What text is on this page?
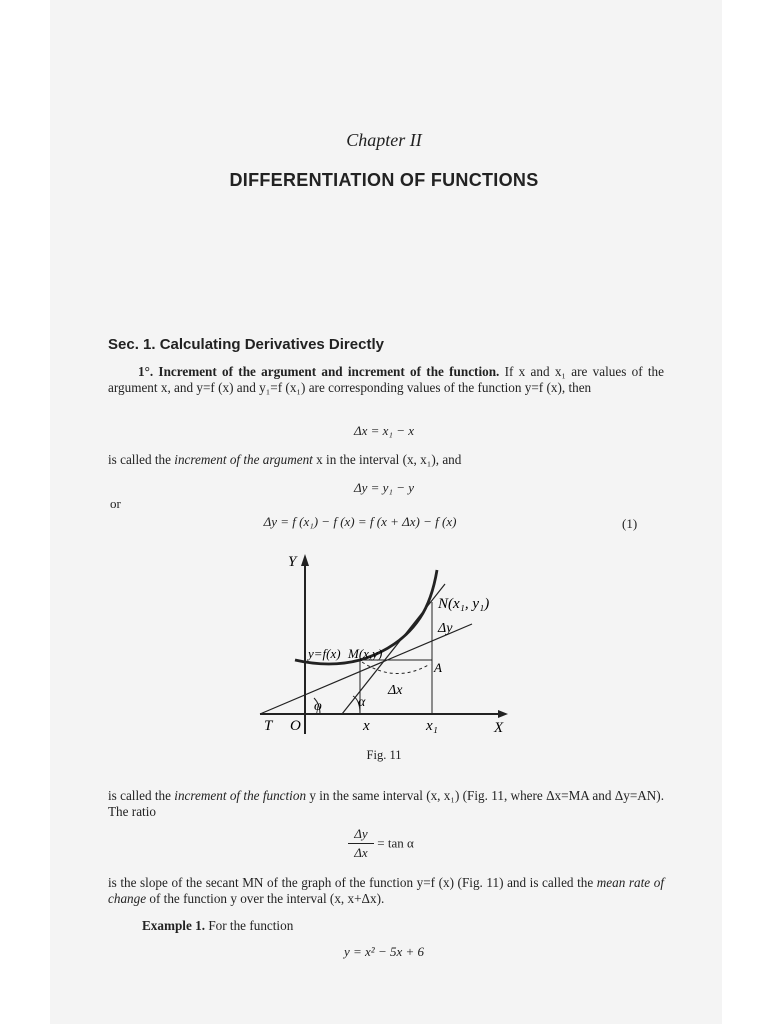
Chapter II
DIFFERENTIATION OF FUNCTIONS
Sec. 1. Calculating Derivatives Directly
1°. Increment of the argument and increment of the function. If x and x₁ are values of the argument x, and y=f (x) and y₁=f (x₁) are corresponding values of the function y=f (x), then
Δx = x₁ − x
is called the increment of the argument x in the interval (x, x₁), and
Δy = y₁ − y
or
Δy = f (x₁) − f (x) = f (x + Δx) − f (x)	(1)
Y
X
T O	x	x₁
N(x₁, y₁)
Δy
y=f(x) M(x,y)
A
Δx
φ	α
Fig. 11
is called the increment of the function y in the same interval (x, x₁) (Fig. 11, where Δx=MA and Δy=AN). The ratio
$\frac{\Delta y}{\Delta x} = \tan \alpha$
is the slope of the secant MN of the graph of the function y=f (x) (Fig. 11) and is called the mean rate of change of the function y over the interval (x, x+Δx).
Example 1. For the function
y = x² − 5x + 6
